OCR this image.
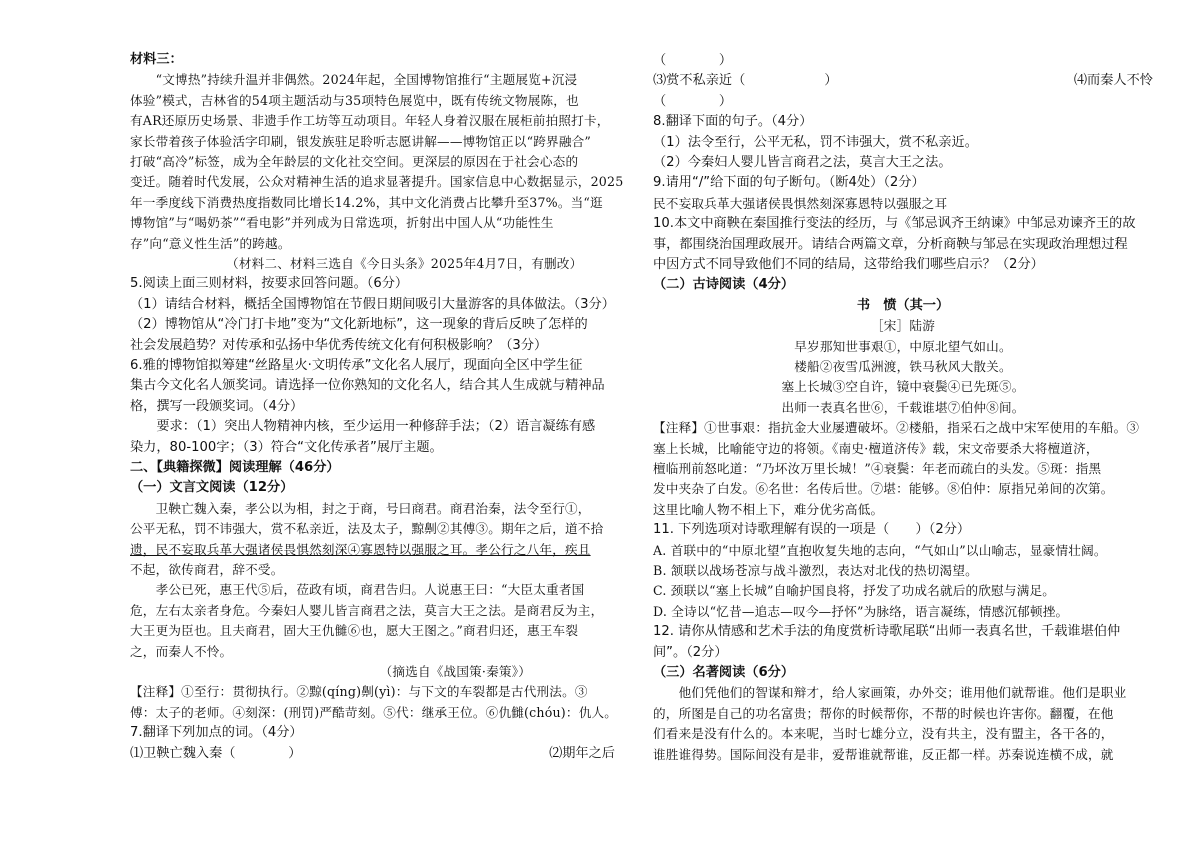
材料三：
　　“文博热”持续升温并非偶然。2024年起，全国博物馆推行“主题展览+沉浸
体验”模式，吉林省的54项主题活动与35项特色展览中，既有传统文物展陈，也
有AR还原历史场景、非遗手作工坊等互动项目。年轻人身着汉服在展柜前拍照打卡，
家长带着孩子体验活字印刷，银发族驻足聆听志愿讲解——博物馆正以“跨界融合”
打破“高冷”标签，成为全年龄层的文化社交空间。更深层的原因在于社会心态的
变迁。随着时代发展，公众对精神生活的追求显著提升。国家信息中心数据显示，2025
年一季度线下消费热度指数同比增长14.2%，其中文化消费占比攀升至37%。当“逛
博物馆”与“喝奶茶”“看电影”并列成为日常选项，折射出中国人从“功能性生
存”向“意义性生活”的跨越。
　　　　　　　　（材料二、材料三选自《今日头条》2025年4月7日，有删改）
5.阅读上面三则材料，按要求回答问题。（6分）
（1）请结合材料，概括全国博物馆在节假日期间吸引大量游客的具体做法。（3分）
（2）博物馆从“冷门打卡地”变为“文化新地标”，这一现象的背后反映了怎样的
社会发展趋势？对传承和弘扬中华优秀传统文化有何积极影响？（3分）
6.雅的博物馆拟筹建“丝路星火·文明传承”文化名人展厅，现面向全区中学生征
集古今文化名人颁奖词。请选择一位你熟知的文化名人，结合其人生成就与精神品
格，撰写一段颁奖词。（4分）
　　要求：（1）突出人物精神内核，至少运用一种修辞手法；（2）语言凝练有感
染力，80-100字；（3）符合“文化传承者”展厅主题。
二、【典籍探微】阅读理解（46分）
（一）文言文阅读（12分）
　　卫鞅亡魏入秦，孝公以为相，封之于商，号曰商君。商君治秦，法令至行①，
公平无私，罚不讳强大，赏不私亲近，法及太子，黥劓②其傅③。期年之后，道不拾
遗，民不妄取兵革大强诸侯畏惧然刻深④寡恩特以强服之耳。孝公行之八年，疾且
不起，欲传商君，辞不受。
　　孝公已死，惠王代⑤后，莅政有顷，商君告归。人说惠王曰：“大臣太重者国
危，左右太亲者身危。今秦妇人婴儿皆言商君之法，莫言大王之法。是商君反为主，
大王更为臣也。且夫商君，固大王仇雠⑥也，愿大王图之。”商君归还，惠王车裂
之，而秦人不怜。
　　　　　　　　　　　　　　　　　　　　（摘选自《战国策·秦策》）
【注释】①至行：贯彻执行。②黥(qíng)劓(yì)：与下文的车裂都是古代刑法。③
傅：太子的老师。④刻深：(刑罚)严酷苛刻。⑤代：继承王位。⑥仇雠(chóu)：仇人。
7.翻译下列加点的词。（4分）
⑴卫鞅亡魏入秦（　　　　）	⑵期年之后
（　　　　）
⑶赏不私亲近（　　　　　　）
（　　　　）
8.翻译下面的句子。（4分）
（1）法令至行，公平无私，罚不讳强大，赏不私亲近。
（2）今秦妇人婴儿皆言商君之法，莫言大王之法。
9.请用“/”给下面的句子断句。（断4处）（2分）
民不妄取兵革大强诸侯畏惧然刻深寡恩特以强服之耳
10.本文中商鞅在秦国推行变法的经历，与《邹忌讽齐王纳谏》中邹忌劝谏齐王的故
事，都围绕治国理政展开。请结合两篇文章，分析商鞅与邹忌在实现政治理想过程
中因方式不同导致他们不同的结局，这带给我们哪些启示？（2分）
（二）古诗阅读（4分）
书　愤（其一）
［宋］陆游
早岁那知世事艰①，中原北望气如山。
楼船②夜雪瓜洲渡，铁马秋风大散关。
塞上长城③空自许，镜中衰鬓④已先斑⑤。
出师一表真名世⑥，千载谁堪⑦伯仲⑧间。
【注释】①世事艰：指抗金大业屡遭破坏。②楼船，指采石之战中宋军使用的车船。③
塞上长城，比喻能守边的将领。《南史·檀道济传》载，宋文帝要杀大将檀道济，
檀临刑前怒叱道：“乃坏汝万里长城！”④衰鬓：年老而疏白的头发。⑤斑：指黑
发中夹杂了白发。⑥名世：名传后世。⑦堪：能够。⑧伯仲：原指兄弟间的次第。
这里比喻人物不相上下，难分优劣高低。
11. 下列选项对诗歌理解有误的一项是（　　）（2分）
A. 首联中的“中原北望”直抱收复失地的志向，“气如山”以山喻志，显豪情壮阔。
B. 颔联以战场苍凉与战斗激烈，表达对北伐的热切渴望。
C. 颈联以“塞上长城”自喻护国良将，抒发了功成名就后的欣慰与满足。
D. 全诗以“忆昔—追志—叹今—抒怀”为脉络，语言凝练，情感沉郁顿挫。
12. 请你从情感和艺术手法的角度赏析诗歌尾联“出师一表真名世，千载谁堪伯仲
间”。（2分）
（三）名著阅读（6分）
　　他们凭他们的智谋和辩才，给人家画策，办外交；谁用他们就帮谁。他们是职业
的，所图是自己的功名富贵；帮你的时候帮你，不帮的时候也许害你。翻覆，在他
们看来是没有什么的。本来呢，当时七雄分立，没有共主，没有盟主，各干各的，
谁胜谁得势。国际间没有是非，爱帮谁就帮谁，反正都一样。苏秦说连横不成，就
⑷而秦人不怜
